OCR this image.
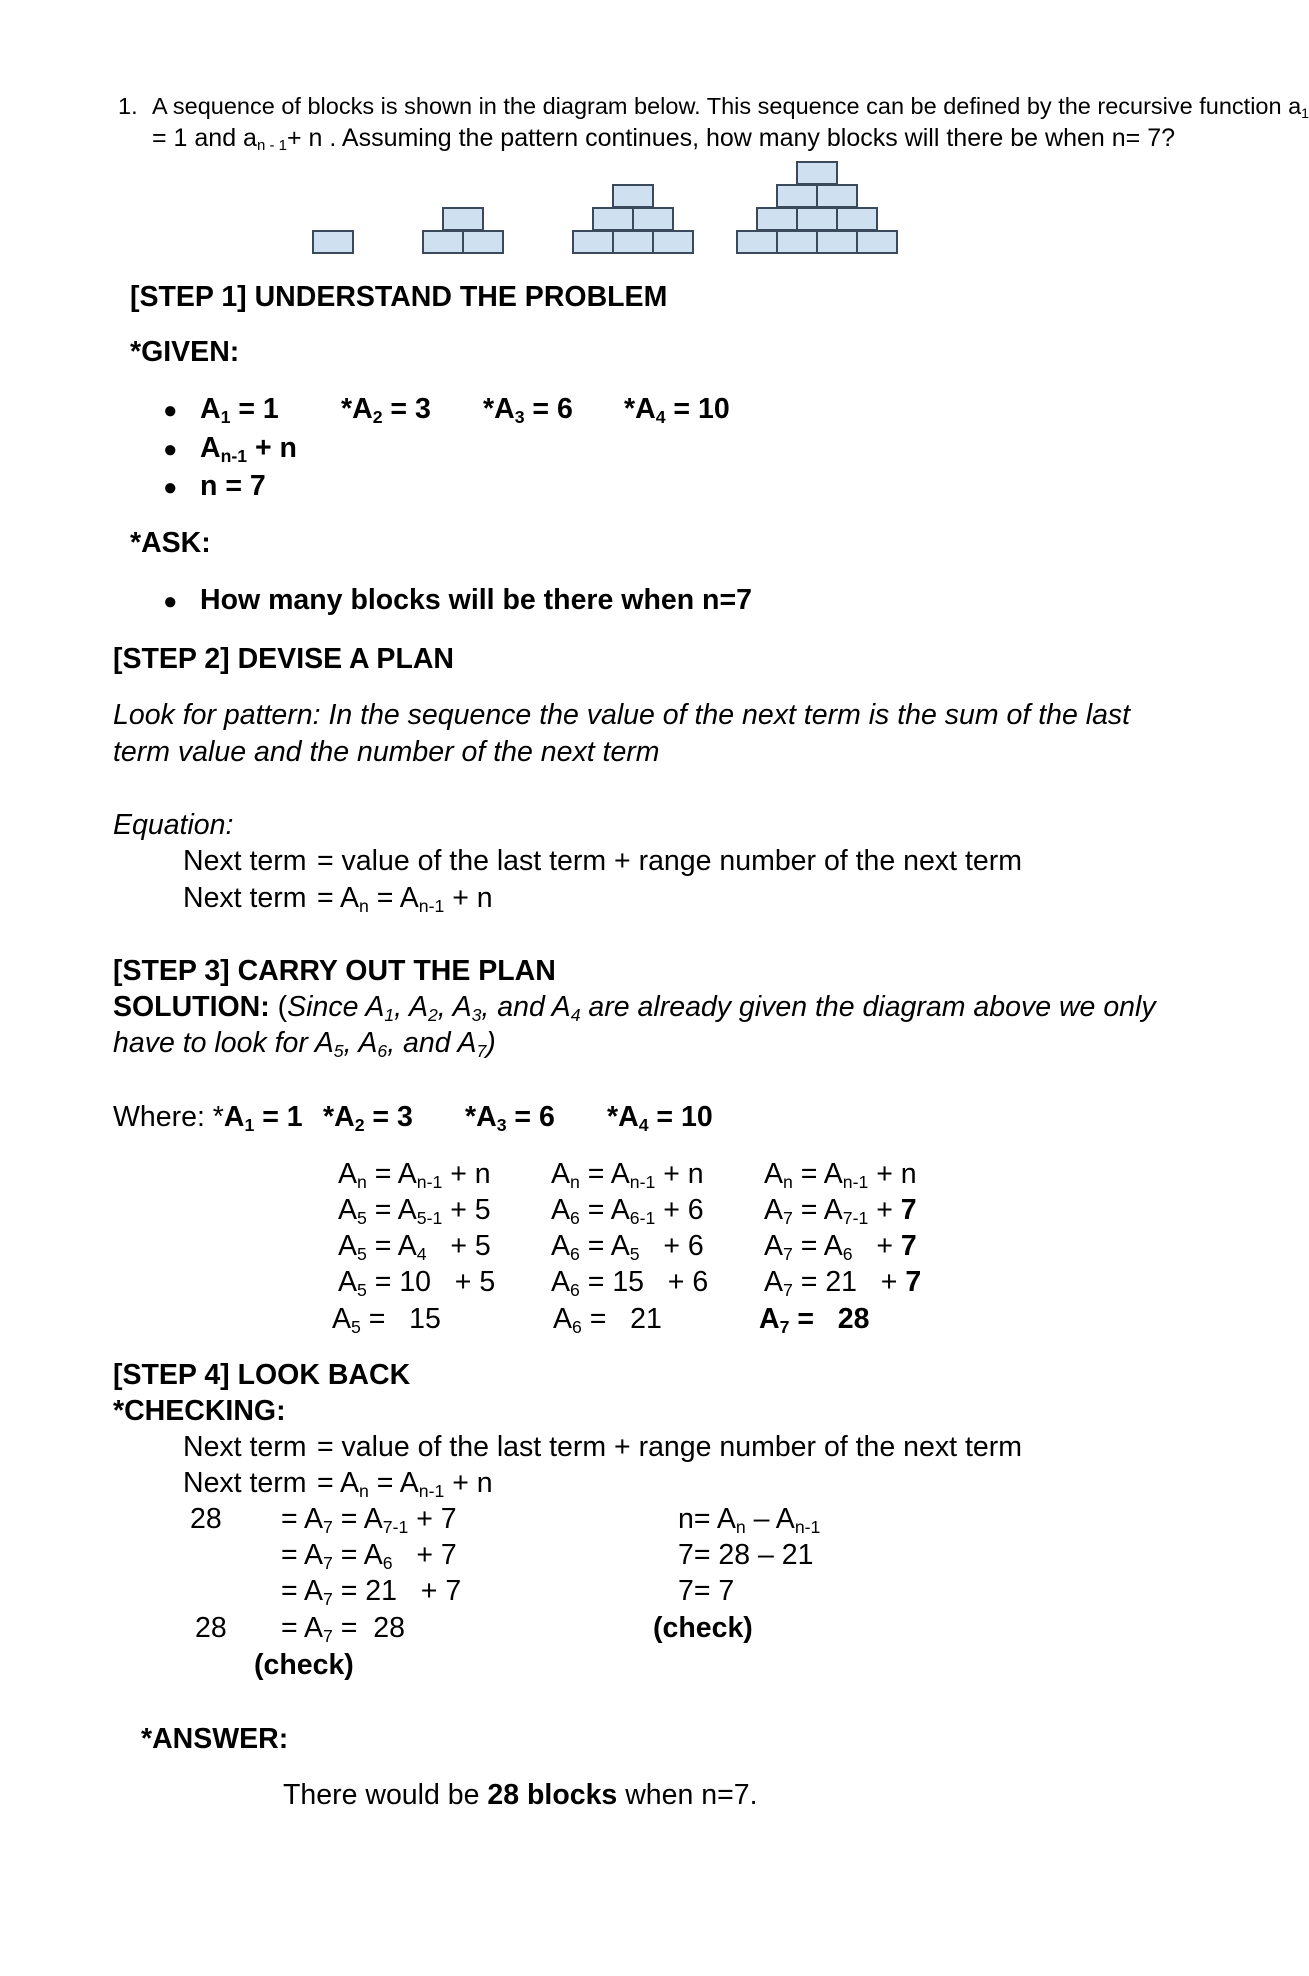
1. A sequence of blocks is shown in the diagram below. This sequence can be defined by the recursive function $a_1$
= 1 and $a_{n - 1}+ n$ . Assuming the pattern continues, how many blocks will there be when n= 7?
[STEP 1] UNDERSTAND THE PROBLEM
*GIVEN:
● $A_1 = 1$ $*A_2 = 3$ $*A_3 = 6$ $*A_4 = 10$
● $A_{n-1} + n$
● n = 7
*ASK:
● How many blocks will be there when n=7
[STEP 2] DEVISE A PLAN
Look for pattern: In the sequence the value of the next term is the sum of the last
term value and the number of the next term
Equation:
Next term = value of the last term + range number of the next term
Next term = $A_n = A_{n-1} + n$
[STEP 3] CARRY OUT THE PLAN
SOLUTION: (Since $A_1$, $A_2$, $A_3$, and $A_4$ are already given the diagram above we only
have to look for $A_5$, $A_6$, and $A_7$)
Where: $*A_1 = 1$ $*A_2 = 3$ $*A_3 = 6$ $*A_4 = 10$
$A_n = A_{n-1} + n$
$A_5 = A_{5-1} + 5$
$A_5 = A_4 + 5$
$A_5 = 10 + 5$
$A_5 = 15$
$A_n = A_{n-1} + n$
$A_6 = A_{6-1} + 6$
$A_6 = A_5 + 6$
$A_6 = 15 + 6$
$A_6 = 21$
$A_n = A_{n-1} + n$
$A_7 = A_{7-1} + 7$
$A_7 = A_6 + 7$
$A_7 = 21 + 7$
$A_7 = 28$
[STEP 4] LOOK BACK
*CHECKING:
Next term = value of the last term + range number of the next term
Next term = $A_n = A_{n-1} + n$
$28 = A_7 = A_{7-1} + 7$
= $A_7 = A_6 + 7$
= $A_7 = 21 + 7$
$28 = A_7 = 28$
(check)
$n= A_n - A_{n-1}$
7= 28 – 21
7= 7
(check)
*ANSWER:
There would be 28 blocks when n=7.
